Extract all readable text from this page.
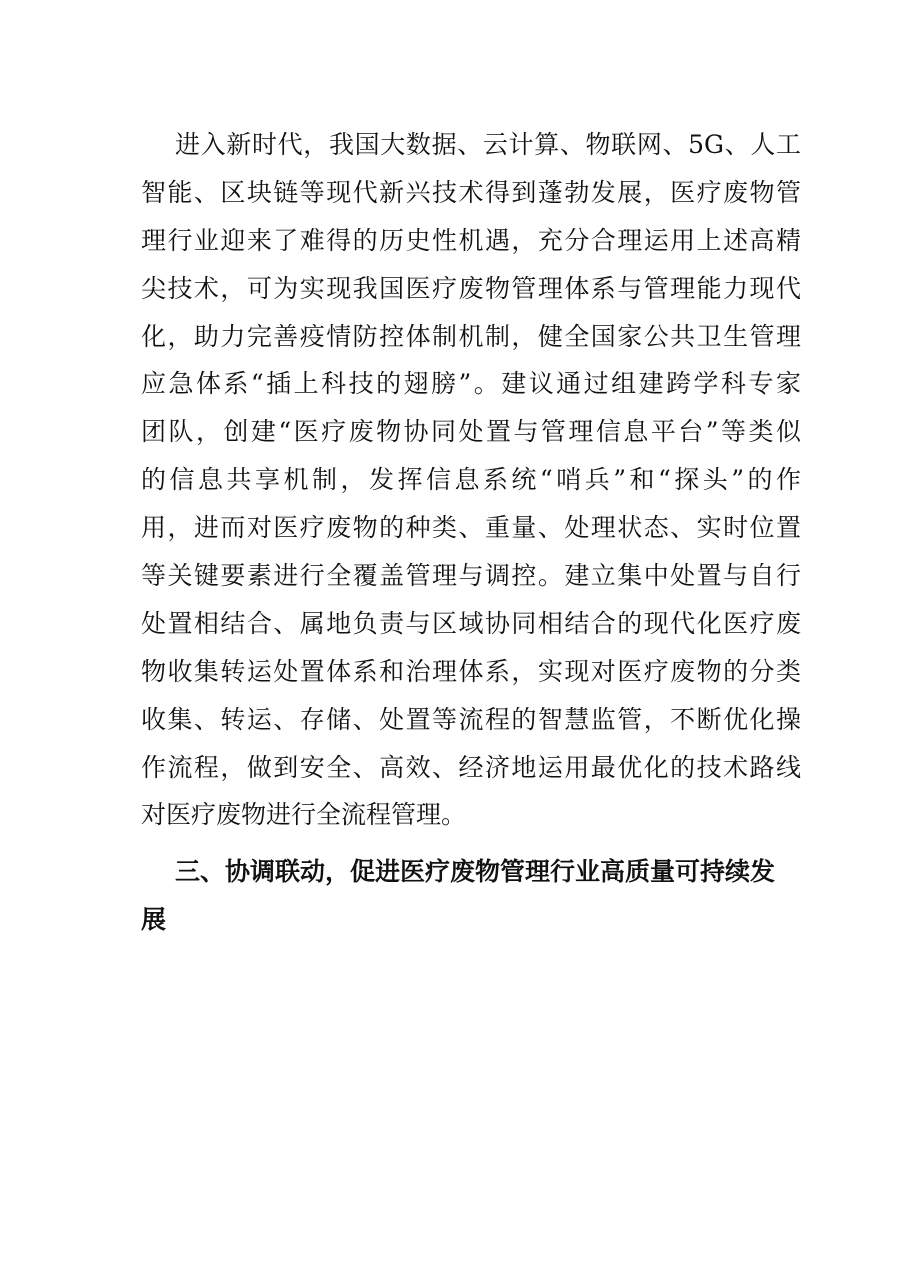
进入新时代，我国大数据、云计算、物联网、5G、人工
智能、区块链等现代新兴技术得到蓬勃发展，医疗废物管
理行业迎来了难得的历史性机遇，充分合理运用上述高精
尖技术，可为实现我国医疗废物管理体系与管理能力现代
化，助力完善疫情防控体制机制，健全国家公共卫生管理
应急体系“插上科技的翅膀”。建议通过组建跨学科专家
团队，创建“医疗废物协同处置与管理信息平台”等类似
的信息共享机制，发挥信息系统“哨兵”和“探头”的作
用，进而对医疗废物的种类、重量、处理状态、实时位置
等关键要素进行全覆盖管理与调控。建立集中处置与自行
处置相结合、属地负责与区域协同相结合的现代化医疗废
物收集转运处置体系和治理体系，实现对医疗废物的分类
收集、转运、存储、处置等流程的智慧监管，不断优化操
作流程，做到安全、高效、经济地运用最优化的技术路线
对医疗废物进行全流程管理。
三、协调联动，促进医疗废物管理行业高质量可持续发
展
